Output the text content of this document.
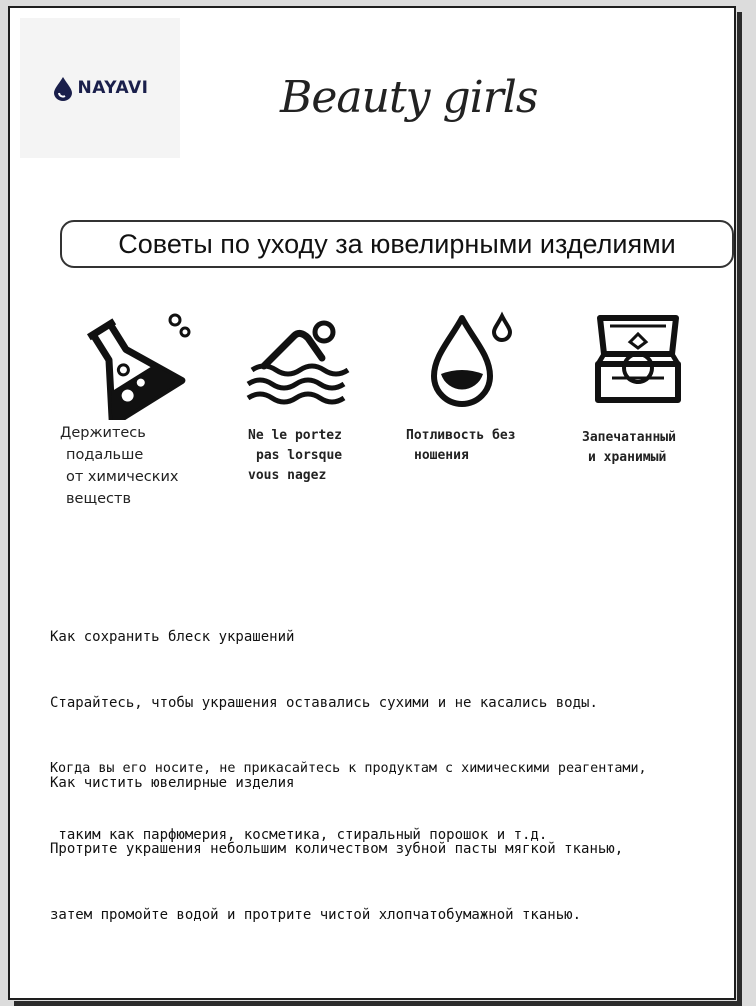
NAYAVI	Beauty girls
Советы по уходу за ювелирными изделиями
Держитесь
подальше
от химических
веществ
Ne le portez
pas lorsque
vous nagez
Потливость без
ношения
Запечатанный
и хранимый

Как сохранить блеск украшений

Старайтесь, чтобы украшения оставались сухими и не касались воды.

Когда вы его носите, не прикасайтесь к продуктам с химическими реагентами,

таким как парфюмерия, косметика, стиральный порошок и т.д.

Как чистить ювелирные изделия

Протрите украшения небольшим количеством зубной пасты мягкой тканью,

затем промойте водой и протрите чистой хлопчатобумажной тканью.
